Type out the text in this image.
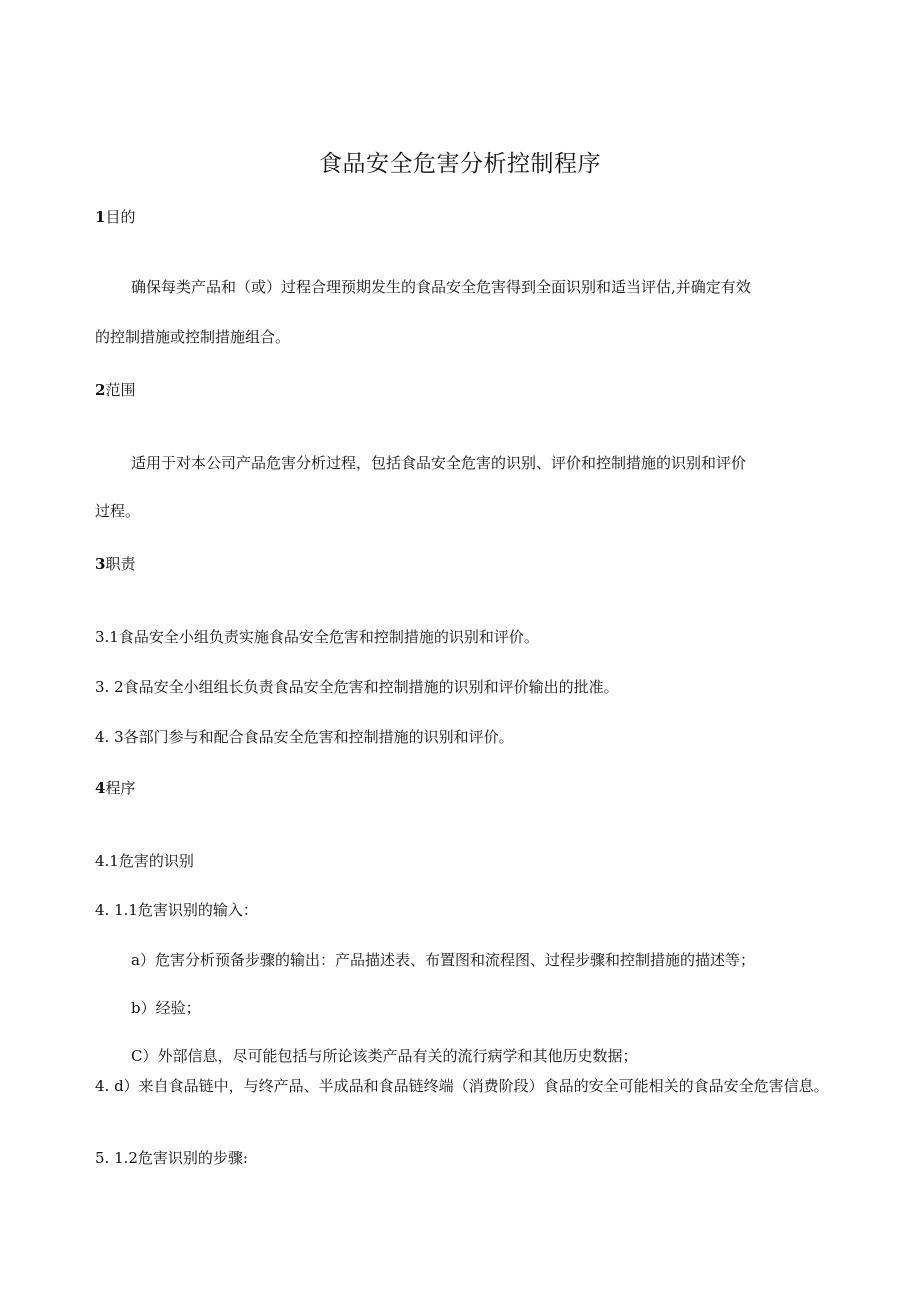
食品安全危害分析控制程序
1目的
确保每类产品和（或）过程合理预期发生的食品安全危害得到全面识别和适当评估,并确定有效
的控制措施或控制措施组合。
2范围
适用于对本公司产品危害分析过程，包括食品安全危害的识别、评价和控制措施的识别和评价
过程。
3职责
3.1食品安全小组负责实施食品安全危害和控制措施的识别和评价。
3. 2食品安全小组组长负责食品安全危害和控制措施的识别和评价输出的批准。
4. 3各部门参与和配合食品安全危害和控制措施的识别和评价。
4程序
4.1危害的识别
4. 1.1危害识别的输入：
a）危害分析预备步骤的输出：产品描述表、布置图和流程图、过程步骤和控制措施的描述等；
b）经验；
C）外部信息，尽可能包括与所论该类产品有关的流行病学和其他历史数据；
4. d）来自食品链中，与终产品、半成品和食品链终端（消费阶段）食品的安全可能相关的食品安全危害信息。
5. 1.2危害识别的步骤:
